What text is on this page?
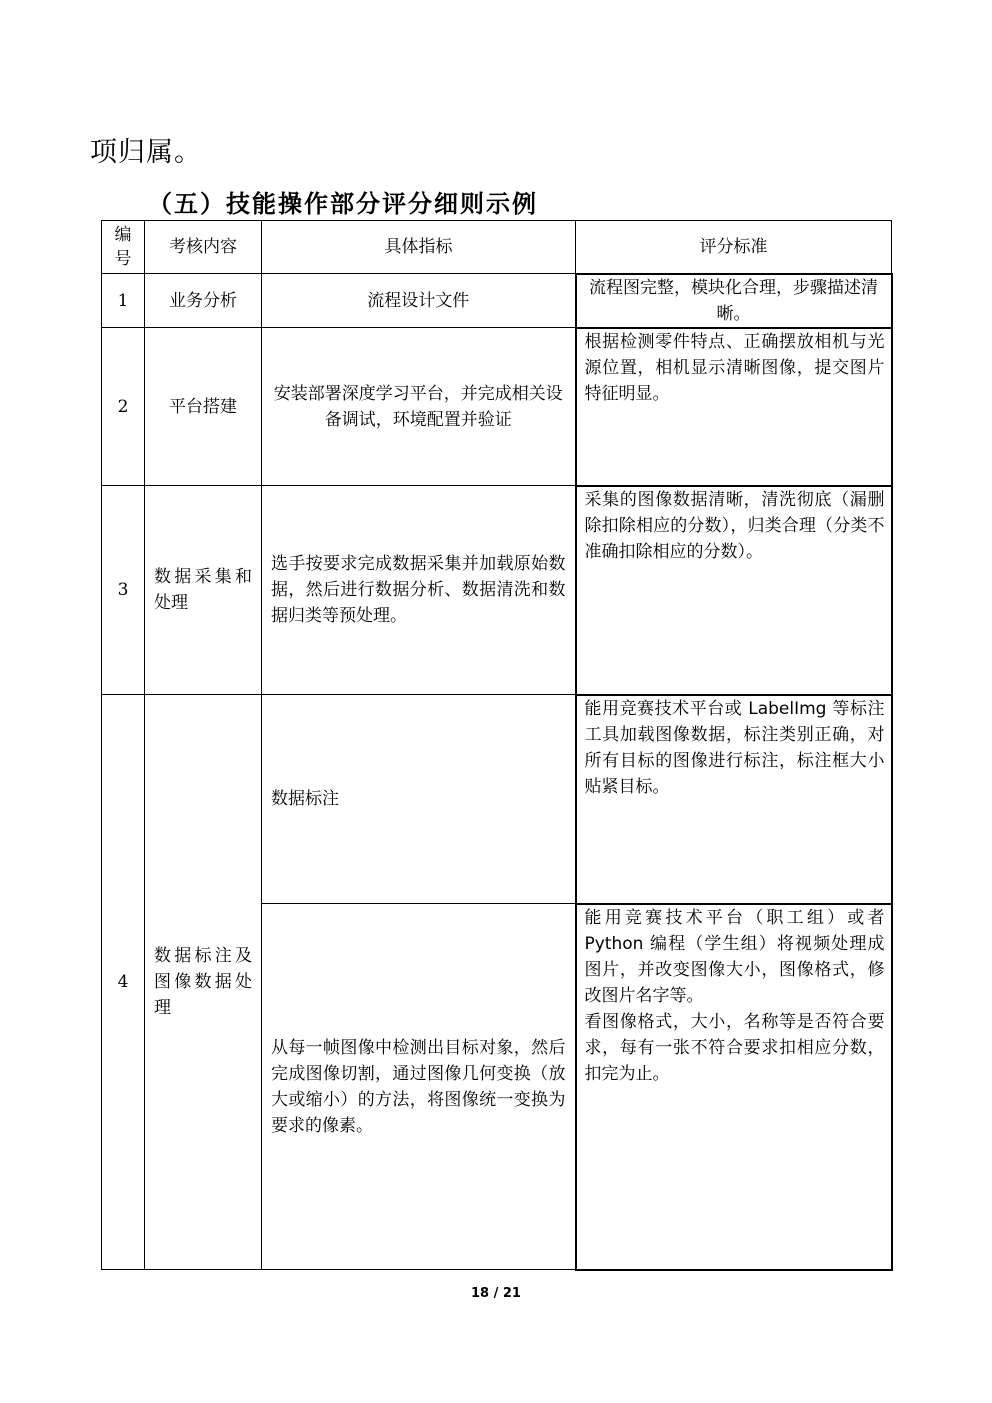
项归属。
（五）技能操作部分评分细则示例
编号	考核内容	具体指标	评分标准
1	业务分析	流程设计文件	流程图完整，模块化合理，步骤描述清晰。
2	平台搭建	安装部署深度学习平台，并完成相关设备调试，环境配置并验证	根据检测零件特点、正确摆放相机与光源位置，相机显示清晰图像，提交图片特征明显。
3	数据采集和处理	选手按要求完成数据采集并加载原始数据，然后进行数据分析、数据清洗和数据归类等预处理。	采集的图像数据清晰，清洗彻底（漏删除扣除相应的分数），归类合理（分类不准确扣除相应的分数）。
4	数据标注及图像数据处理	数据标注	能用竞赛技术平台或 LabelImg 等标注工具加载图像数据，标注类别正确，对所有目标的图像进行标注，标注框大小贴紧目标。
		从每一帧图像中检测出目标对象，然后完成图像切割，通过图像几何变换（放大或缩小）的方法，将图像统一变换为要求的像素。	能用竞赛技术平台（职工组）或者 Python 编程（学生组）将视频处理成图片，并改变图像大小，图像格式，修改图片名字等。
看图像格式，大小，名称等是否符合要求，每有一张不符合要求扣相应分数，扣完为止。
18 / 21
